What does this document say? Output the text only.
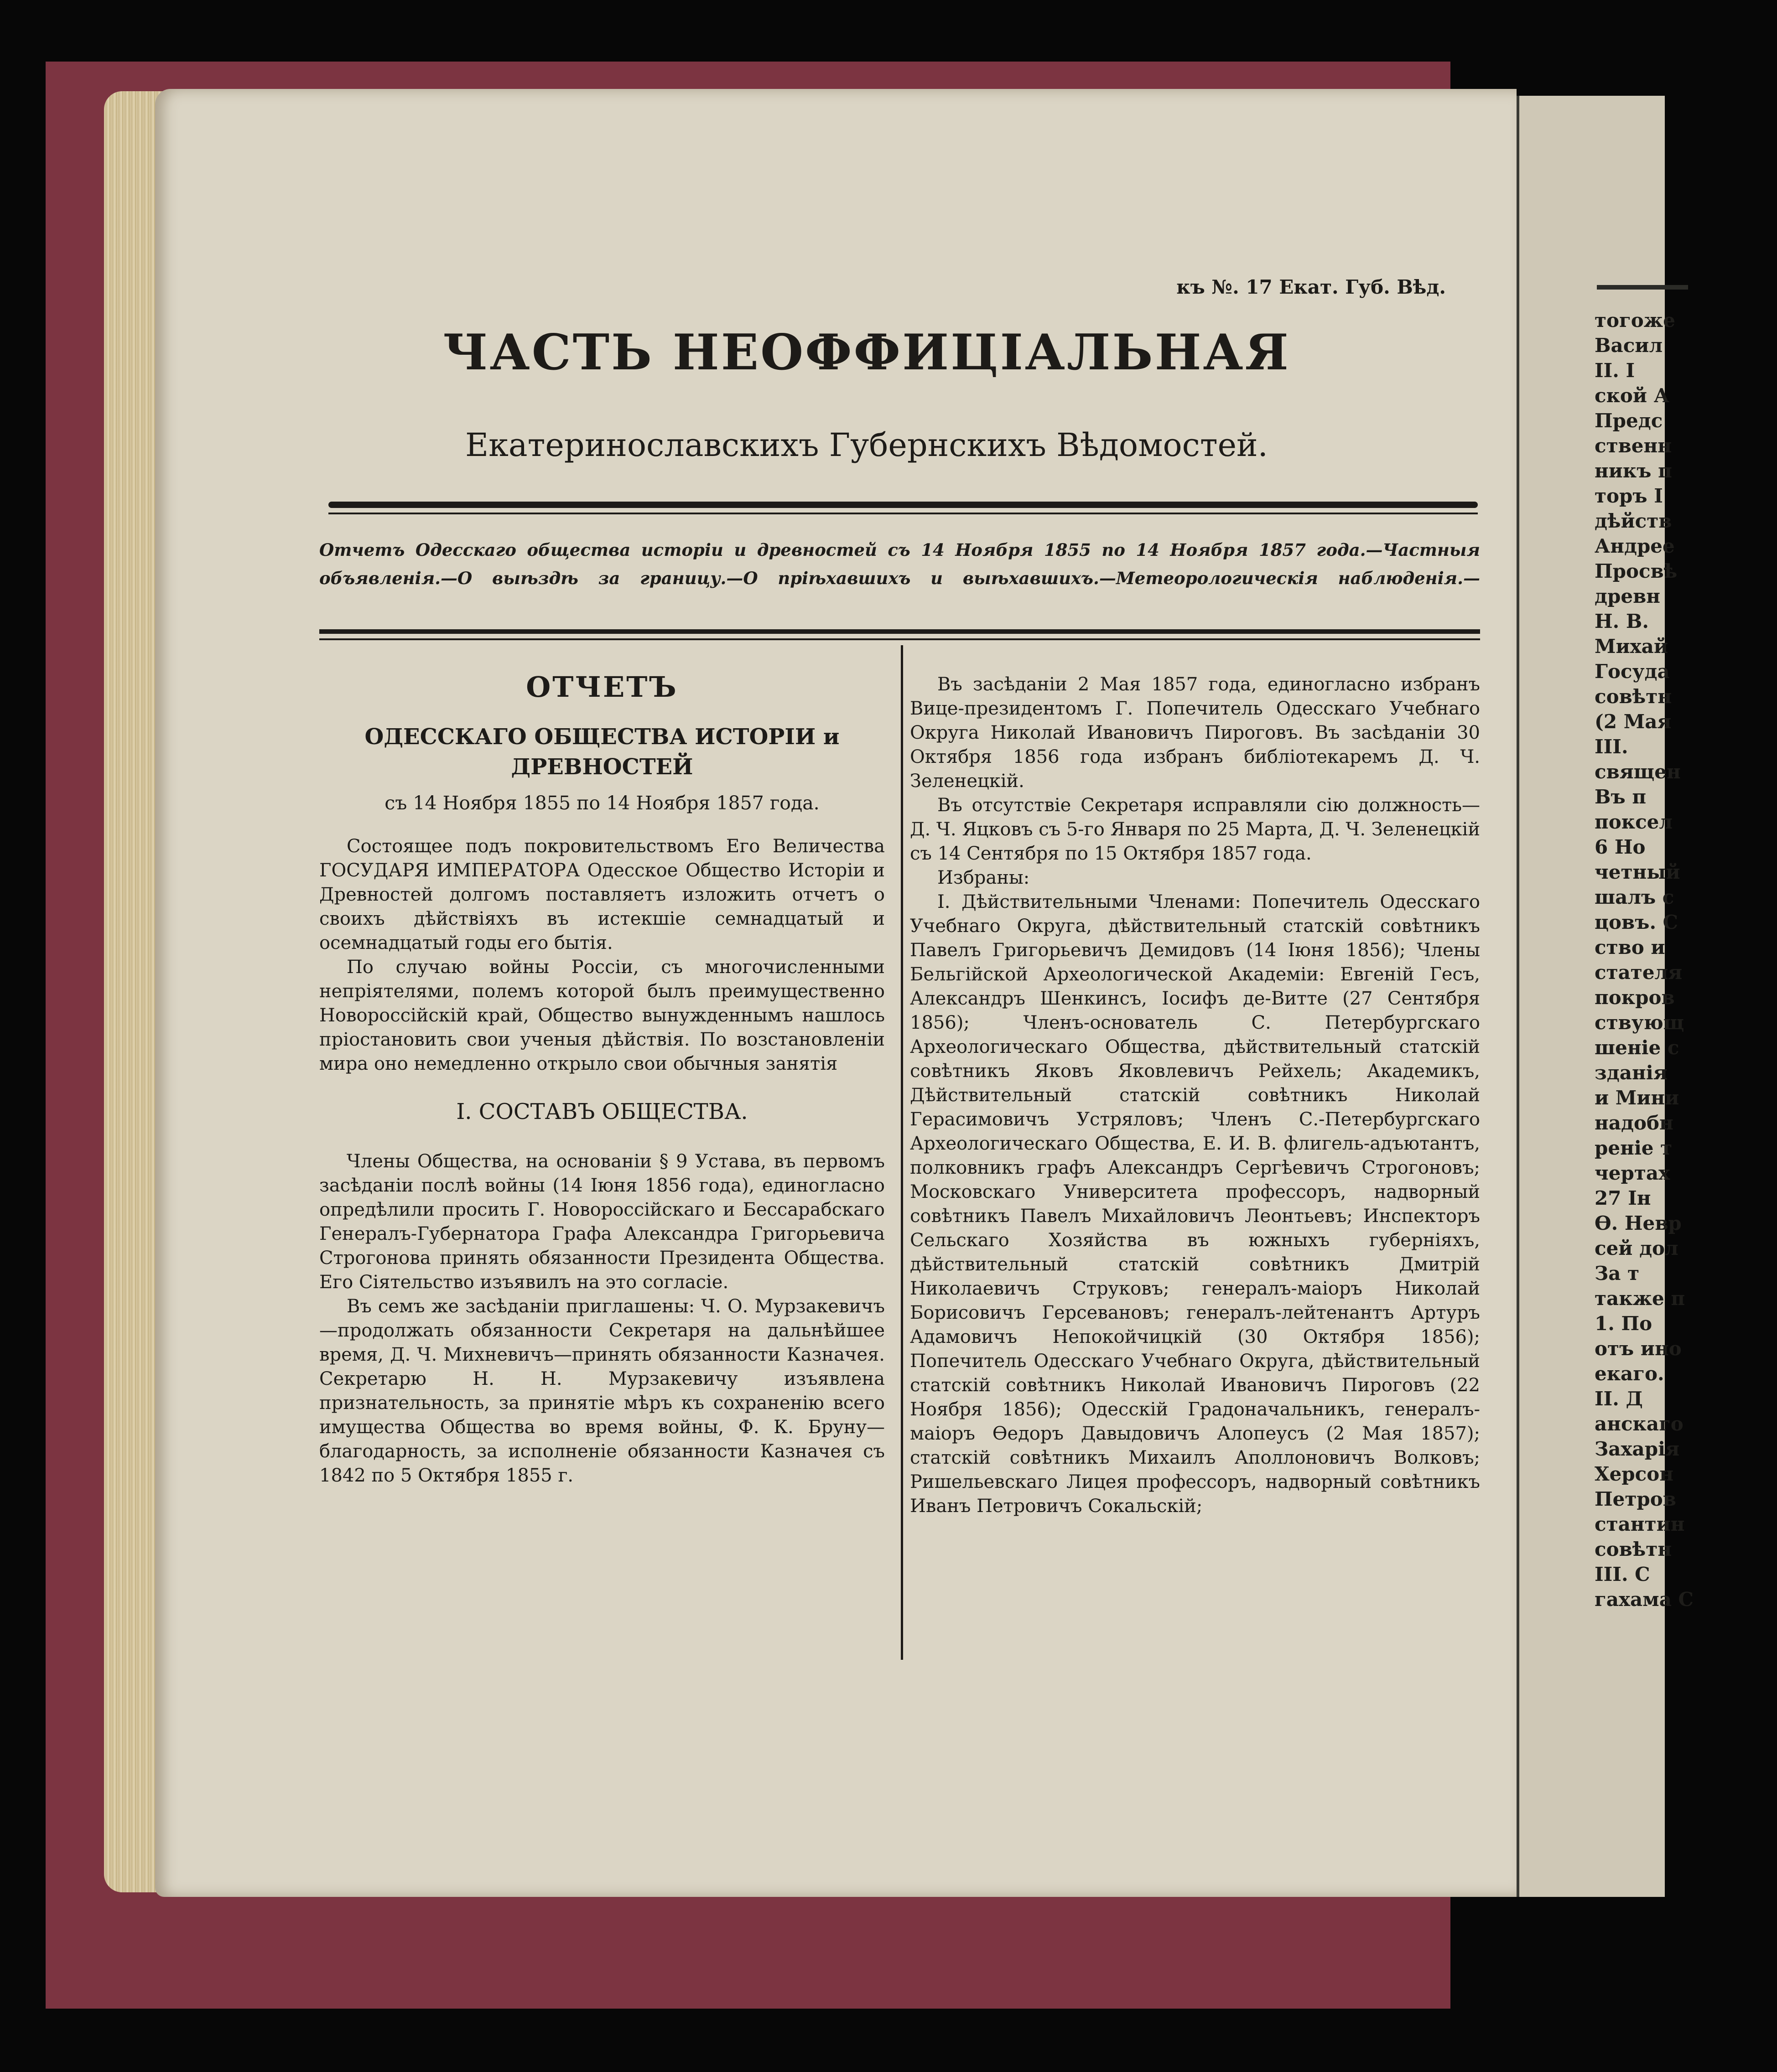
къ №. 17 Екат. Губ. Вѣд.
ЧАСТЬ НЕОФФИЦІАЛЬНАЯ
Екатеринославскихъ Губернскихъ Вѣдомостей.
Отчетъ Одесскаго общества исторіи и древностей съ 14 Ноября 1855 по 14 Ноября 1857 года.—Частныя
объявленія.—О выѣздѣ за границу.—О пріѣхавшихъ и выѣхавшихъ.—Метеорологическія наблюденія.—
ОТЧЕТЪ
ОДЕССКАГО ОБЩЕСТВА ИСТОРІИ и ДРЕВНОСТЕЙ
съ 14 Ноября 1855 по 14 Ноября 1857 года.
Состоящее подъ покровительствомъ Его Величества ГОСУДАРЯ ИМПЕРАТОРА Одесское Общество Исторіи и Древностей долгомъ поставляетъ изложить отчетъ о своихъ дѣйствіяхъ въ истекшіе семнадцатый и осемнадцатый годы его бытія.
По случаю войны Россіи, съ многочисленными непріятелями, полемъ которой былъ преимущественно Новороссійскій край, Общество вынужденнымъ нашлось пріостановить свои ученыя дѣйствія. По возстановленіи мира оно немедленно открыло свои обычныя занятія
I. СОСТАВЪ ОБЩЕСТВА.
Члены Общества, на основаніи § 9 Устава, въ первомъ засѣданіи послѣ войны (14 Іюня 1856 года), единогласно опредѣлили просить Г. Новороссійскаго и Бессарабскаго Генералъ-Губернатора Графа Александра Григорьевича Строгонова принять обязанности Президента Общества. Его Сіятельство изъявилъ на это согласіе.
Въ семъ же засѣданіи приглашены: Ч. О. Мурзакевичъ—продолжать обязанности Секретаря на дальнѣйшее время, Д. Ч. Михневичъ—принять обязанности Казначея. Секретарю Н. Н. Мурзакевичу изъявлена признательность, за принятіе мѣръ къ сохраненію всего имущества Общества во время войны, Ф. К. Бруну—благодарность, за исполненіе обязанности Казначея съ 1842 по 5 Октября 1855 г.
Въ засѣданіи 2 Мая 1857 года, единогласно избранъ Вице-президентомъ Г. Попечитель Одесскаго Учебнаго Округа Николай Ивановичъ Пироговъ. Въ засѣданіи 30 Октября 1856 года избранъ библіотекаремъ Д. Ч. Зеленецкій.
Въ отсутствіе Секретаря исправляли сію должность—Д. Ч. Яцковъ съ 5-го Января по 25 Марта, Д. Ч. Зеленецкій съ 14 Сентября по 15 Октября 1857 года.
Избраны:
I. Дѣйствительными Членами: Попечитель Одесскаго Учебнаго Округа, дѣйствительный статскій совѣтникъ Павелъ Григорьевичъ Демидовъ (14 Іюня 1856); Члены Бельгійской Археологической Академіи: Евгеній Гесъ, Александръ Шенкинсъ, Іосифъ де-Витте (27 Сентября 1856); Членъ-основатель С. Петербургскаго Археологическаго Общества, дѣйствительный статскій совѣтникъ Яковъ Яковлевичъ Рейхель; Академикъ, Дѣйствительный статскій совѣтникъ Николай Герасимовичъ Устряловъ; Членъ С.-Петербургскаго Археологическаго Общества, Е. И. В. флигель-адъютантъ, полковникъ графъ Александръ Сергѣевичъ Строгоновъ; Московскаго Университета профессоръ, надворный совѣтникъ Павелъ Михайловичъ Леонтьевъ; Инспекторъ Сельскаго Хозяйства въ южныхъ губерніяхъ, дѣйствительный статскій совѣтникъ Дмитрій Николаевичъ Струковъ; генералъ-маіоръ Николай Борисовичъ Герсевановъ; генералъ-лейтенантъ Артуръ Адамовичъ Непокойчицкій (30 Октября 1856); Попечитель Одесскаго Учебнаго Округа, дѣйствительный статскій совѣтникъ Николай Ивановичъ Пироговъ (22 Ноября 1856); Одесскій Градоначальникъ, генералъ-маіоръ Ѳедоръ Давыдовичъ Алопеусъ (2 Мая 1857); статскій совѣтникъ Михаилъ Аполлоновичъ Волковъ; Ришельевскаго Лицея профессоръ, надворный совѣтникъ Иванъ Петровичъ Сокальскій;
тогоже
Васил
II. I
ской А
Предс
ственн
никъ п
торъ I
дѣйств
Андрее
Просвѣ
древн
Н. В.
Михай
Госуда
совѣтн
(2 Мая
III.
священ
Въ п
поксел
6 Но
четный
шалъ с
цовъ. С
ство и
стателя
покров
ствующ
шеніе с
зданія
и Мини
надобн
реніе т
чертах
27 Ін
Ѳ. Невр
сей дол
За т
также п
1. По
отъ ино
екаго.
II. Д
анскаго
Захарія
Херсон
Петров
стантин
совѣтн
III. С
гахама С
